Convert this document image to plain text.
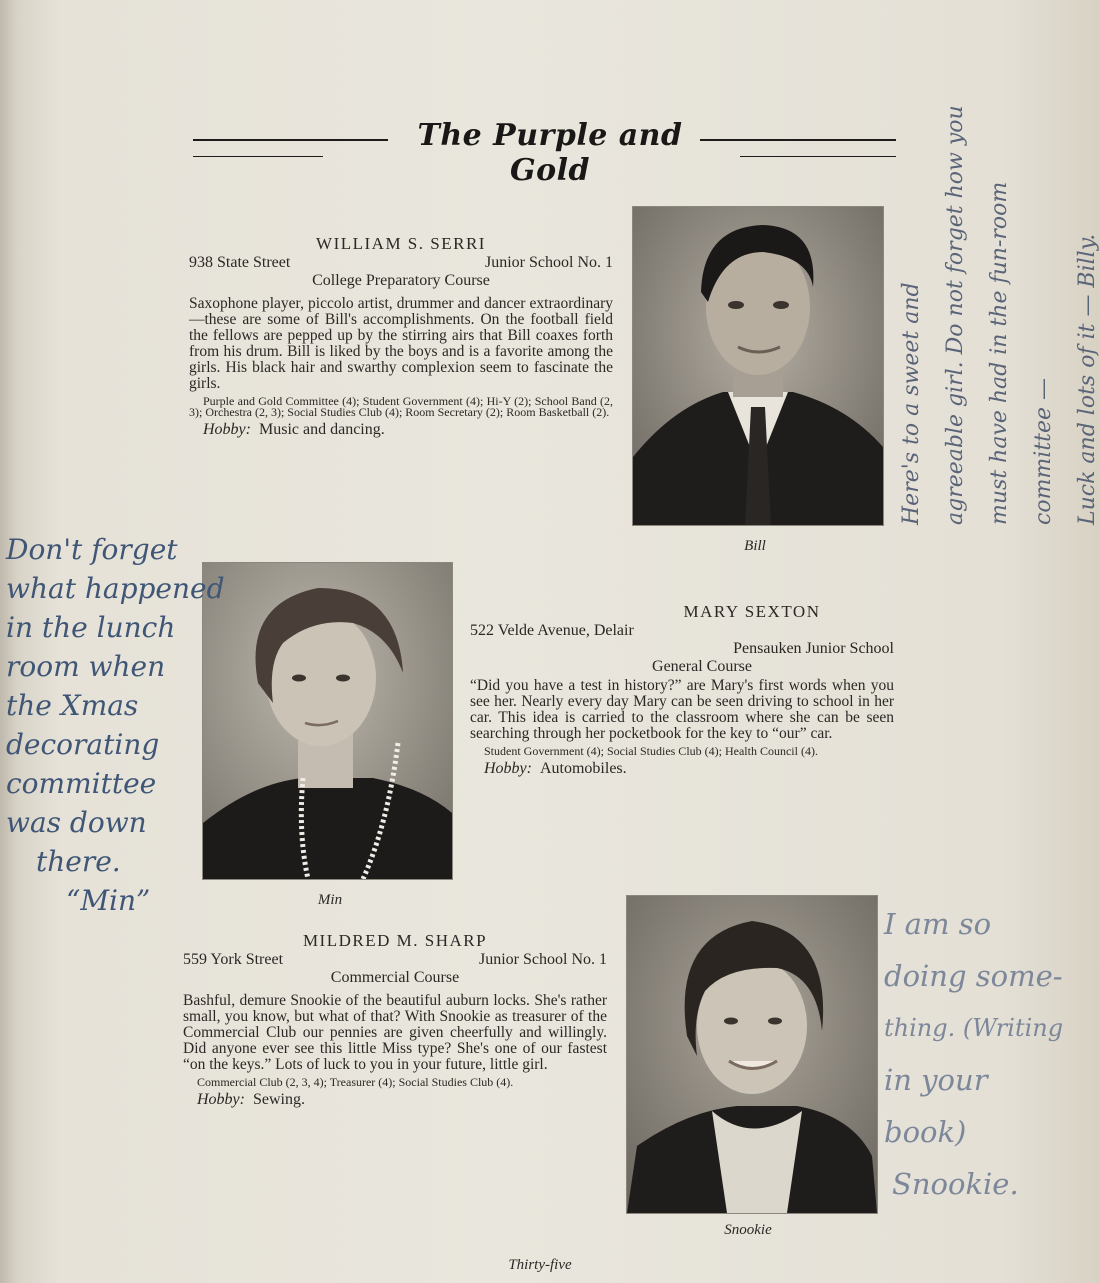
The Purple and Gold
WILLIAM S. SERRI
938 State Street	Junior School No. 1
College Preparatory Course
Saxophone player, piccolo artist, drummer and dancer extraordinary—these are some of Bill's accomplishments. On the football field the fellows are pepped up by the stirring airs that Bill coaxes forth from his drum. Bill is liked by the boys and is a favorite among the girls. His black hair and swarthy complexion seem to fascinate the girls.
Purple and Gold Committee (4); Student Government (4); Hi-Y (2); School Band (2, 3); Orchestra (2, 3); Social Studies Club (4); Room Secretary (2); Room Basketball (2).
Hobby: Music and dancing.
Bill
Min
MARY SEXTON
522 Velde Avenue, Delair
Pensauken Junior School
General Course
“Did you have a test in history?” are Mary's first words when you see her. Nearly every day Mary can be seen driving to school in her car. This idea is carried to the classroom where she can be seen searching through her pocketbook for the key to “our” car.
Student Government (4); Social Studies Club (4); Health Council (4).
Hobby: Automobiles.
MILDRED M. SHARP
559 York Street	Junior School No. 1
Commercial Course
Bashful, demure Snookie of the beautiful auburn locks. She's rather small, you know, but what of that? With Snookie as treasurer of the Commercial Club our pennies are given cheerfully and willingly. Did anyone ever see this little Miss type? She's one of our fastest “on the keys.” Lots of luck to you in your future, little girl.
Commercial Club (2, 3, 4); Treasurer (4); Social Studies Club (4).
Hobby: Sewing.
Snookie
Thirty-five
Don't forget
what happened
in the lunch
room when
the Xmas
decorating
committee
was down
there.
“Min”
Here's to a sweet and agreeable girl. Do not forget how you must have had in the fun-room committee — Luck and lots of it — Billy.
I am so
doing some-
thing. (Writing
in your
book)
Snookie.
